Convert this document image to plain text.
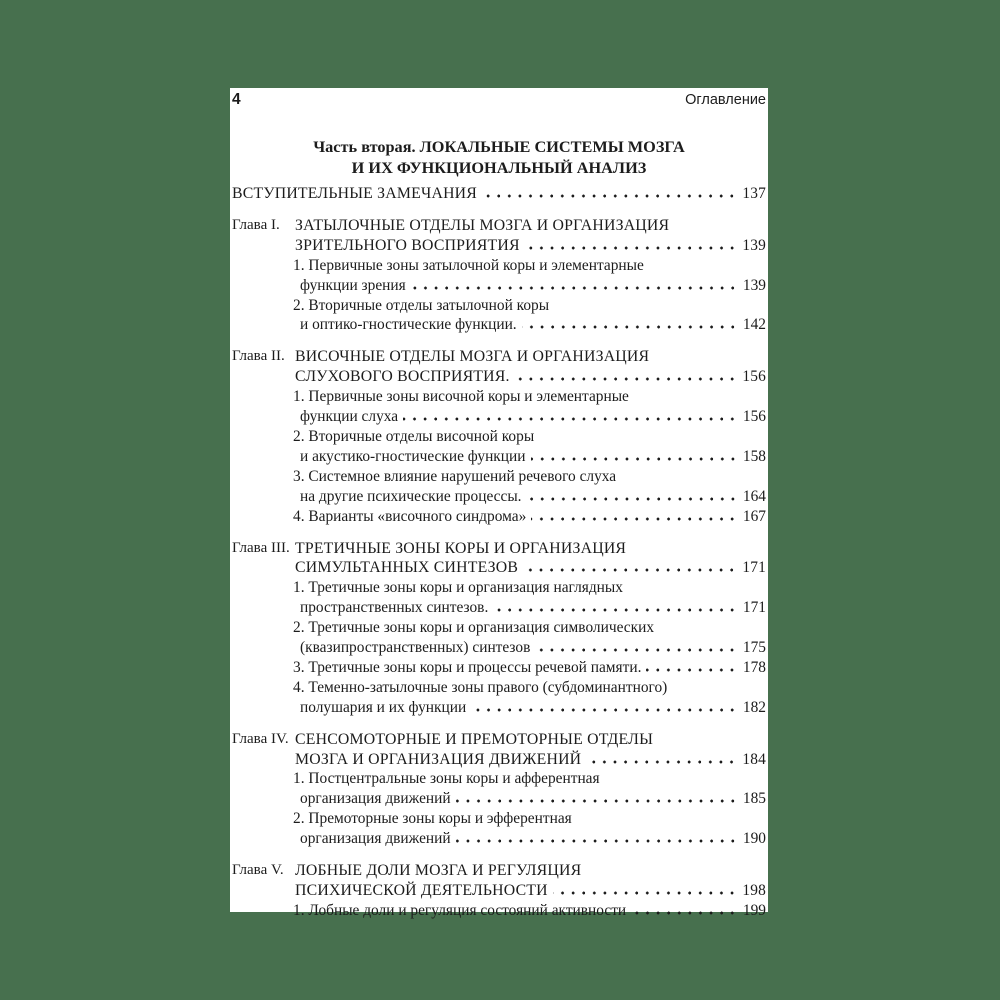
4	Оглавление
Часть вторая. ЛОКАЛЬНЫЕ СИСТЕМЫ МОЗГА
И ИХ ФУНКЦИОНАЛЬНЫЙ АНАЛИЗ
ВСТУПИТЕЛЬНЫЕ ЗАМЕЧАНИЯ	137
Глава I. ЗАТЫЛОЧНЫЕ ОТДЕЛЫ МОЗГА И ОРГАНИЗАЦИЯ
ЗРИТЕЛЬНОГО ВОСПРИЯТИЯ	139
1. Первичные зоны затылочной коры и элементарные
функции зрения	139
2. Вторичные отделы затылочной коры
и оптико-гностические функции.	142
Глава II. ВИСОЧНЫЕ ОТДЕЛЫ МОЗГА И ОРГАНИЗАЦИЯ
СЛУХОВОГО ВОСПРИЯТИЯ.	156
1. Первичные зоны височной коры и элементарные
функции слуха	156
2. Вторичные отделы височной коры
и акустико-гностические функции	158
3. Системное влияние нарушений речевого слуха
на другие психические процессы.	164
4. Варианты «височного синдрома»	167
Глава III. ТРЕТИЧНЫЕ ЗОНЫ КОРЫ И ОРГАНИЗАЦИЯ
СИМУЛЬТАННЫХ СИНТЕЗОВ	171
1. Третичные зоны коры и организация наглядных
пространственных синтезов.	171
2. Третичные зоны коры и организация символических
(квазипространственных) синтезов	175
3. Третичные зоны коры и процессы речевой памяти.	178
4. Теменно-затылочные зоны правого (субдоминантного)
полушария и их функции	182
Глава IV. СЕНСОМОТОРНЫЕ И ПРЕМОТОРНЫЕ ОТДЕЛЫ
МОЗГА И ОРГАНИЗАЦИЯ ДВИЖЕНИЙ	184
1. Постцентральные зоны коры и афферентная
организация движений	185
2. Премоторные зоны коры и эфферентная
организация движений	190
Глава V. ЛОБНЫЕ ДОЛИ МОЗГА И РЕГУЛЯЦИЯ
ПСИХИЧЕСКОЙ ДЕЯТЕЛЬНОСТИ	198
1. Лобные доли и регуляция состояний активности	199
